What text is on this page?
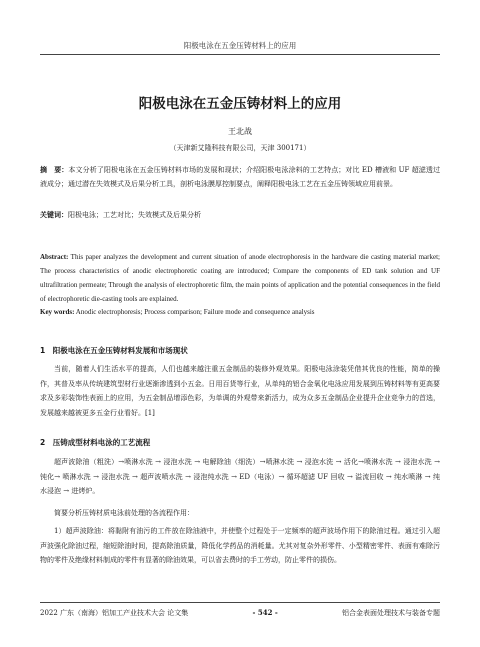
阳极电泳在五金压铸材料上的应用
阳极电泳在五金压铸材料上的应用
王北战
（天津新艾隆科技有限公司，天津 300171）
摘　要：本文分析了阳极电泳在五金压铸材料市场的发展和现状；介绍阳极电泳涂料的工艺特点；对比 ED 槽液和 UF 超滤透过液成分；通过潜在失效模式及后果分析工具，剖析电泳膜厚控制要点，阐释阳极电泳工艺在五金压铸领域应用前景。
关键词：阳极电泳；工艺对比；失效模式及后果分析
Abstract: This paper analyzes the development and current situation of anode electrophoresis in the hardware die casting material market; The process characteristics of anodic electrophoretic coating are introduced; Compare the components of ED tank solution and UF ultrafiltration permeate; Through the analysis of electrophoretic film, the main points of application and the potential consequences in the field of electrophoretic die-casting tools are explained.
Key words: Anodic electrophoresis; Process comparison; Failure mode and consequence analysis
1　阳极电泳在五金压铸材料发展和市场现状
当前，随着人们生活水平的提高，人们也越来越注重五金制品的装修外观效果。阳极电泳涂装凭借其优良的性能，简单的操作，其普及率从传统建筑型材行业逐渐渗透到小五金。日用百货等行业，从单纯的铝合金氧化电泳应用发展到压铸材料等有更高要求及多彩装饰性表面上的应用，为五金制品增添色彩，为单调的外观带来新活力，成为众多五金制品企业提升企业竞争力的首选，发展越来越被更多五金行业看好。[1]
2　压铸成型材料电泳的工艺流程
超声波除油（粗洗）→喷淋水洗 → 浸泡水洗 → 电解除油（细洗）→喷淋水洗 → 浸泡水洗 → 活化→喷淋水洗 → 浸泡水洗 → 钝化→ 喷淋水洗 → 浸泡水洗 → 超声波喷水洗 → 浸泡纯水洗 → ED（电泳）→ 循环超滤 UF 回收 → 溢流回收 → 纯水喷淋 → 纯水浸泡 → 进烤炉。
简要分析压铸材质电泳前处理的各流程作用：
1）超声波除油：将黏附有油污的工件放在除油液中，并使整个过程处于一定频率的超声波场作用下的除油过程。通过引入超声波强化除油过程，缩短除油时间，提高除油质量，降低化学药品的消耗量。尤其对复杂外形零件、小型精密零件、表面有难除污物的零件及绝缘材料制成的零件有显著的除油效果，可以省去费时的手工劳动，防止零件的损伤。
2022 广东（南海）铝加工产业技术大会 论文集	- 542 -	铝合金表面处理技术与装备专题
